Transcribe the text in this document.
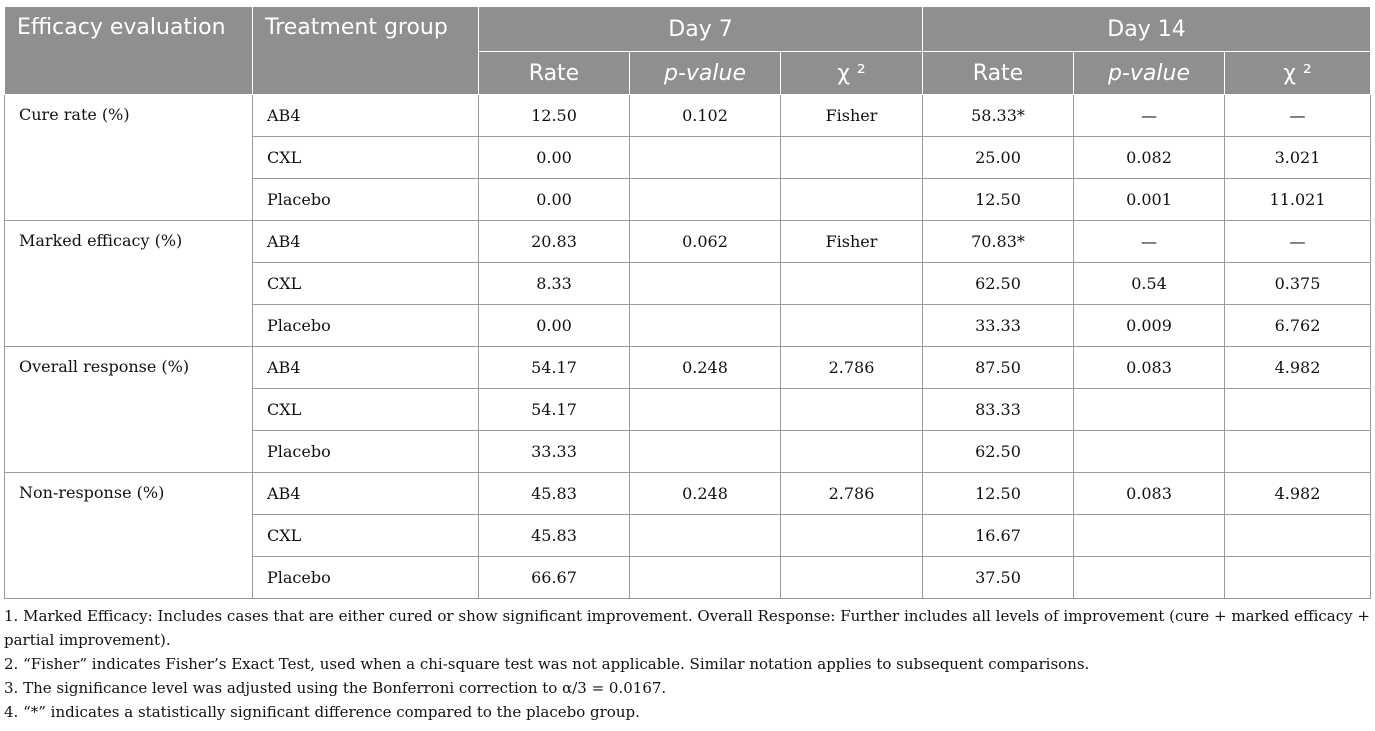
Efficacy evaluation	Treatment group	Day 7			Day 14		
		Rate	p-value	χ ²	Rate	p-value	χ ²
Cure rate (%)	AB4	12.50	0.102	Fisher	58.33*	—	—
	CXL	0.00			25.00	0.082	3.021
	Placebo	0.00			12.50	0.001	11.021
Marked efficacy (%)	AB4	20.83	0.062	Fisher	70.83*	—	—
	CXL	8.33			62.50	0.54	0.375
	Placebo	0.00			33.33	0.009	6.762
Overall response (%)	AB4	54.17	0.248	2.786	87.50	0.083	4.982
	CXL	54.17			83.33		
	Placebo	33.33			62.50		
Non-response (%)	AB4	45.83	0.248	2.786	12.50	0.083	4.982
	CXL	45.83			16.67		
	Placebo	66.67			37.50		

1. Marked Efficacy: Includes cases that are either cured or show significant improvement. Overall Response: Further includes all levels of improvement (cure + marked efficacy + partial improvement).

2. “Fisher” indicates Fisher’s Exact Test, used when a chi-square test was not applicable. Similar notation applies to subsequent comparisons.

3. The significance level was adjusted using the Bonferroni correction to α/3 = 0.0167.

4. “*” indicates a statistically significant difference compared to the placebo group.
